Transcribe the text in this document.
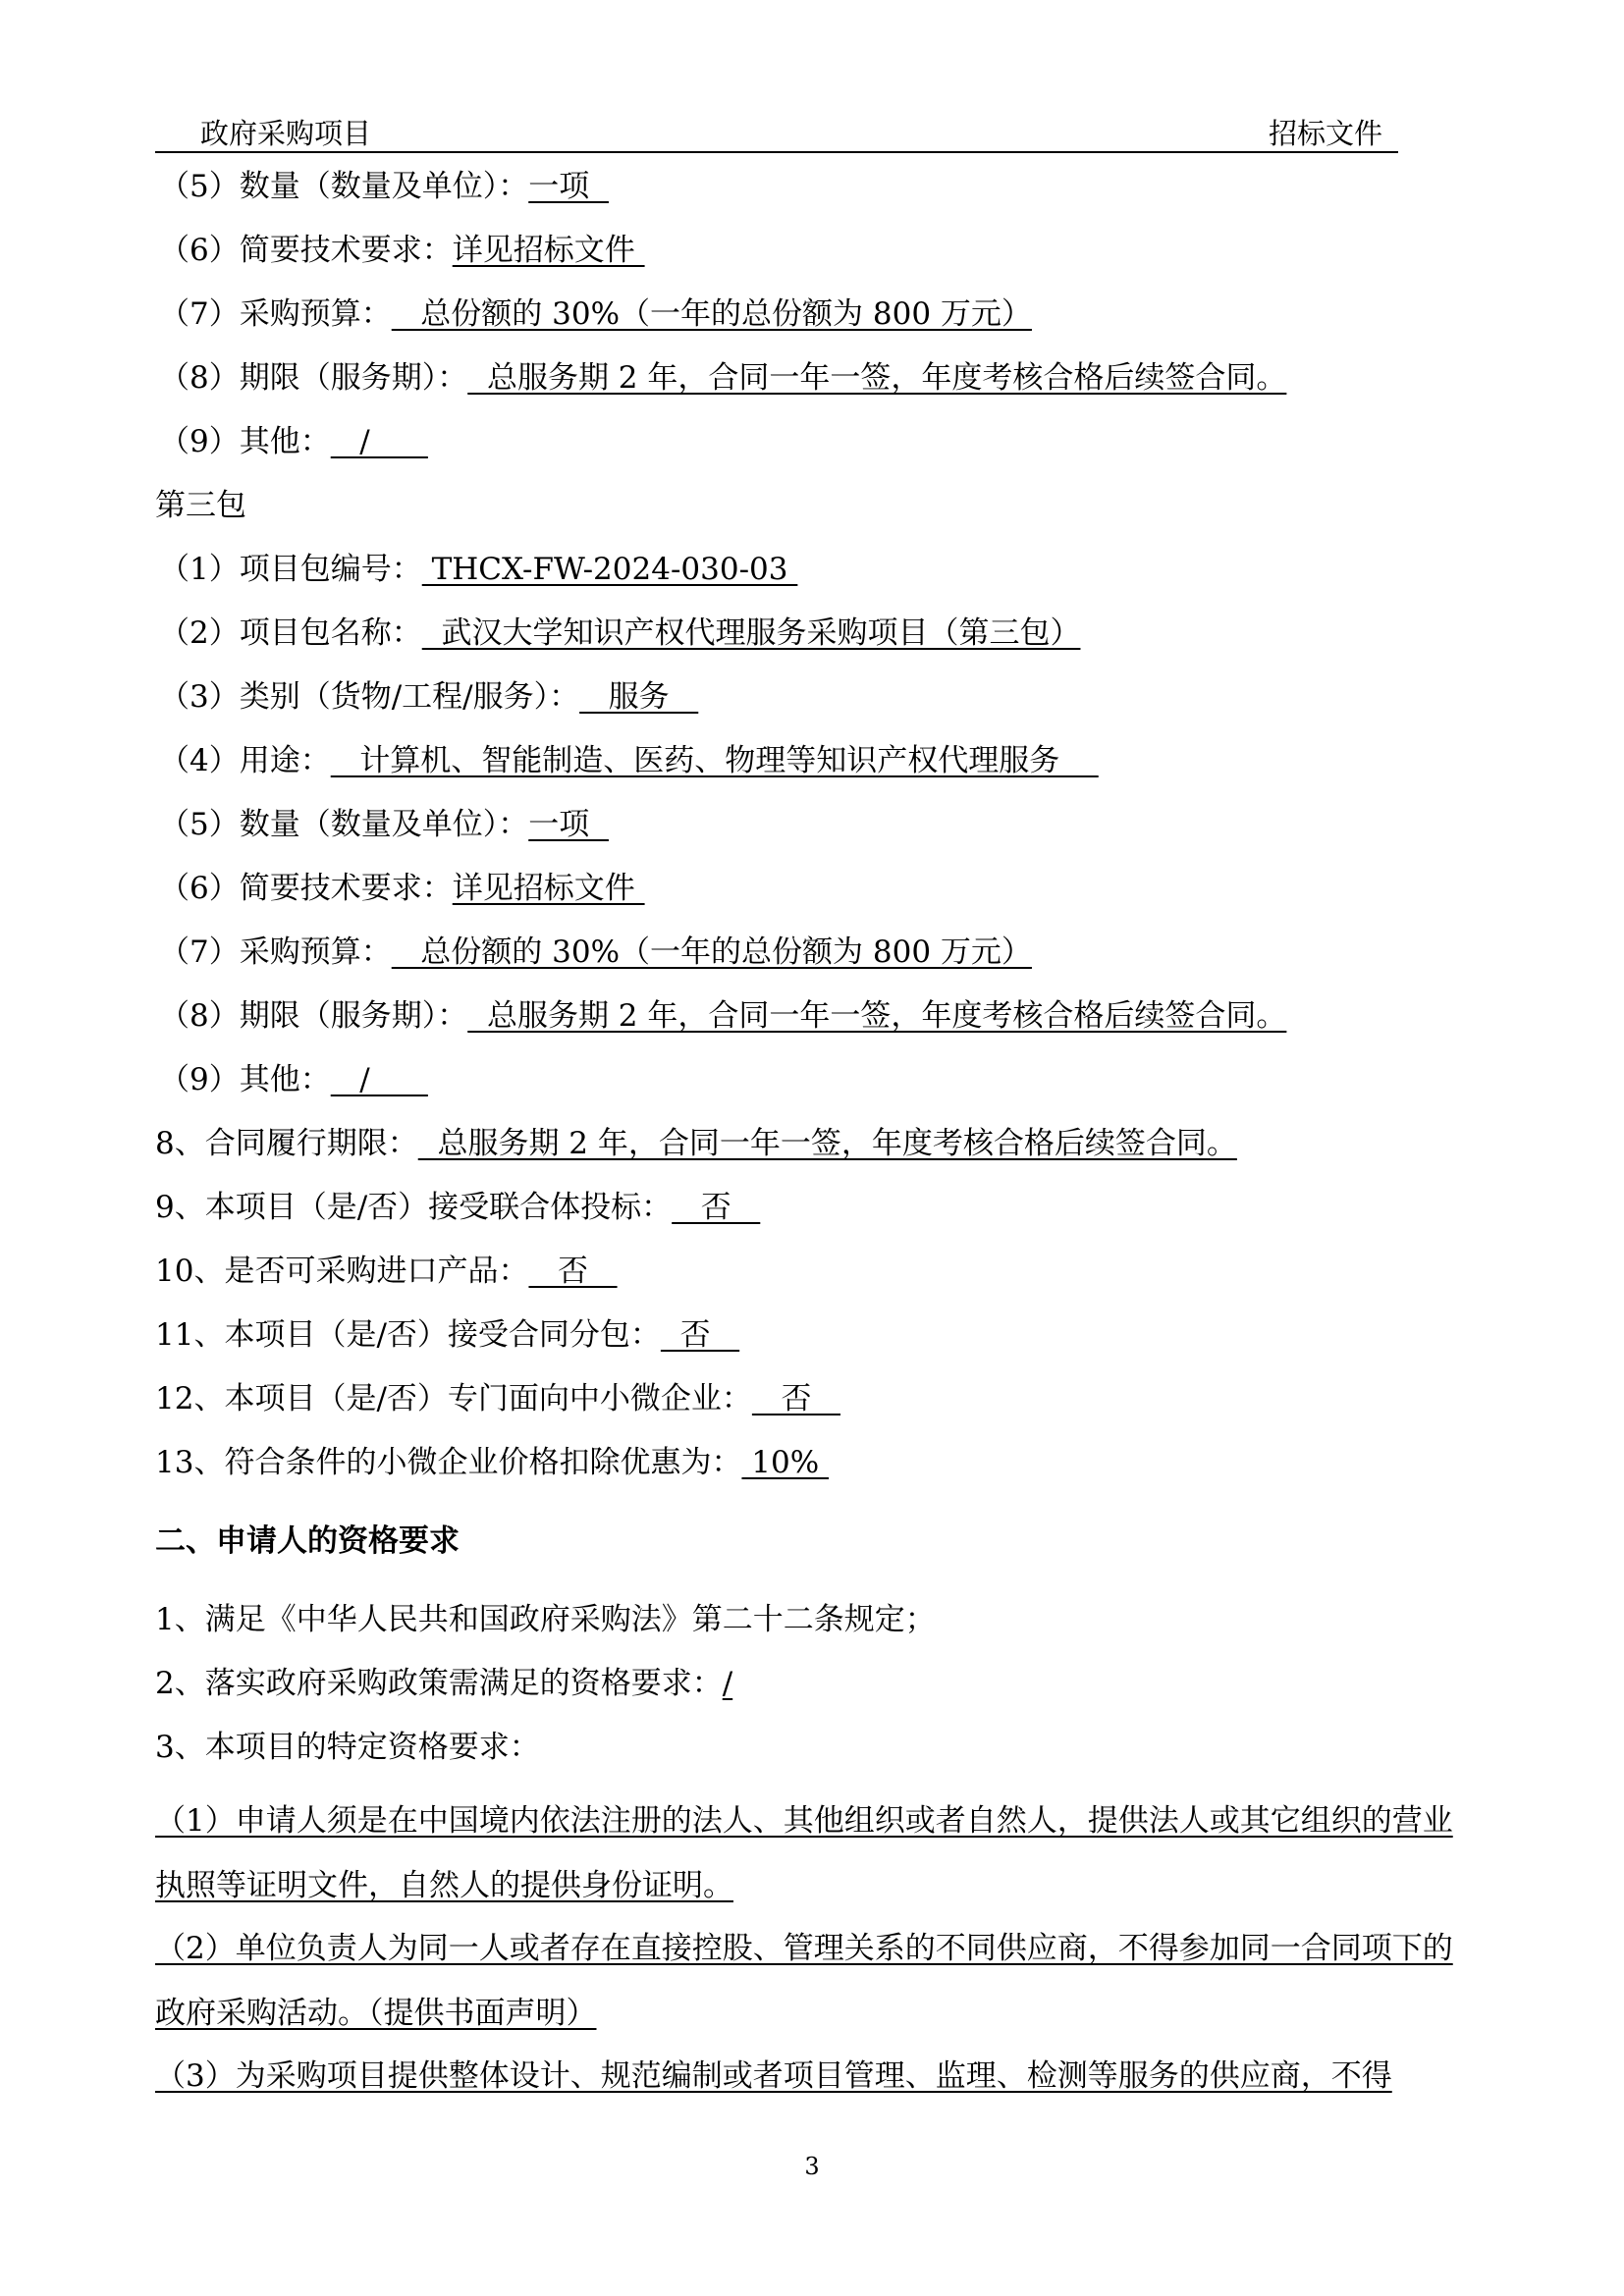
政府采购项目	招标文件
（5）数量（数量及单位）：一项
（6）简要技术要求：详见招标文件
（7）采购预算：   总份额的 30%（一年的总份额为 800 万元）
（8）期限（服务期）：  总服务期 2 年，合同一年一签，年度考核合格后续签合同。
（9）其他：   /
第三包
（1）项目包编号： THCX-FW-2024-030-03
（2）项目包名称：  武汉大学知识产权代理服务采购项目（第三包）
（3）类别（货物/工程/服务）：   服务
（4）用途：   计算机、智能制造、医药、物理等知识产权代理服务
（5）数量（数量及单位）：一项
（6）简要技术要求：详见招标文件
（7）采购预算：   总份额的 30%（一年的总份额为 800 万元）
（8）期限（服务期）：  总服务期 2 年，合同一年一签，年度考核合格后续签合同。
（9）其他：   /
8、合同履行期限：  总服务期 2 年，合同一年一签，年度考核合格后续签合同。
9、本项目（是/否）接受联合体投标：   否
10、是否可采购进口产品：   否
11、本项目（是/否）接受合同分包：  否
12、本项目（是/否）专门面向中小微企业：   否
13、符合条件的小微企业价格扣除优惠为： 10%
二、申请人的资格要求
1、满足《中华人民共和国政府采购法》第二十二条规定；
2、落实政府采购政策需满足的资格要求：/
3、本项目的特定资格要求：
（1）申请人须是在中国境内依法注册的法人、其他组织或者自然人，提供法人或其它组织的营业执照等证明文件，自然人的提供身份证明。
（2）单位负责人为同一人或者存在直接控股、管理关系的不同供应商，不得参加同一合同项下的政府采购活动。（提供书面声明）
（3）为采购项目提供整体设计、规范编制或者项目管理、监理、检测等服务的供应商，不得
3
